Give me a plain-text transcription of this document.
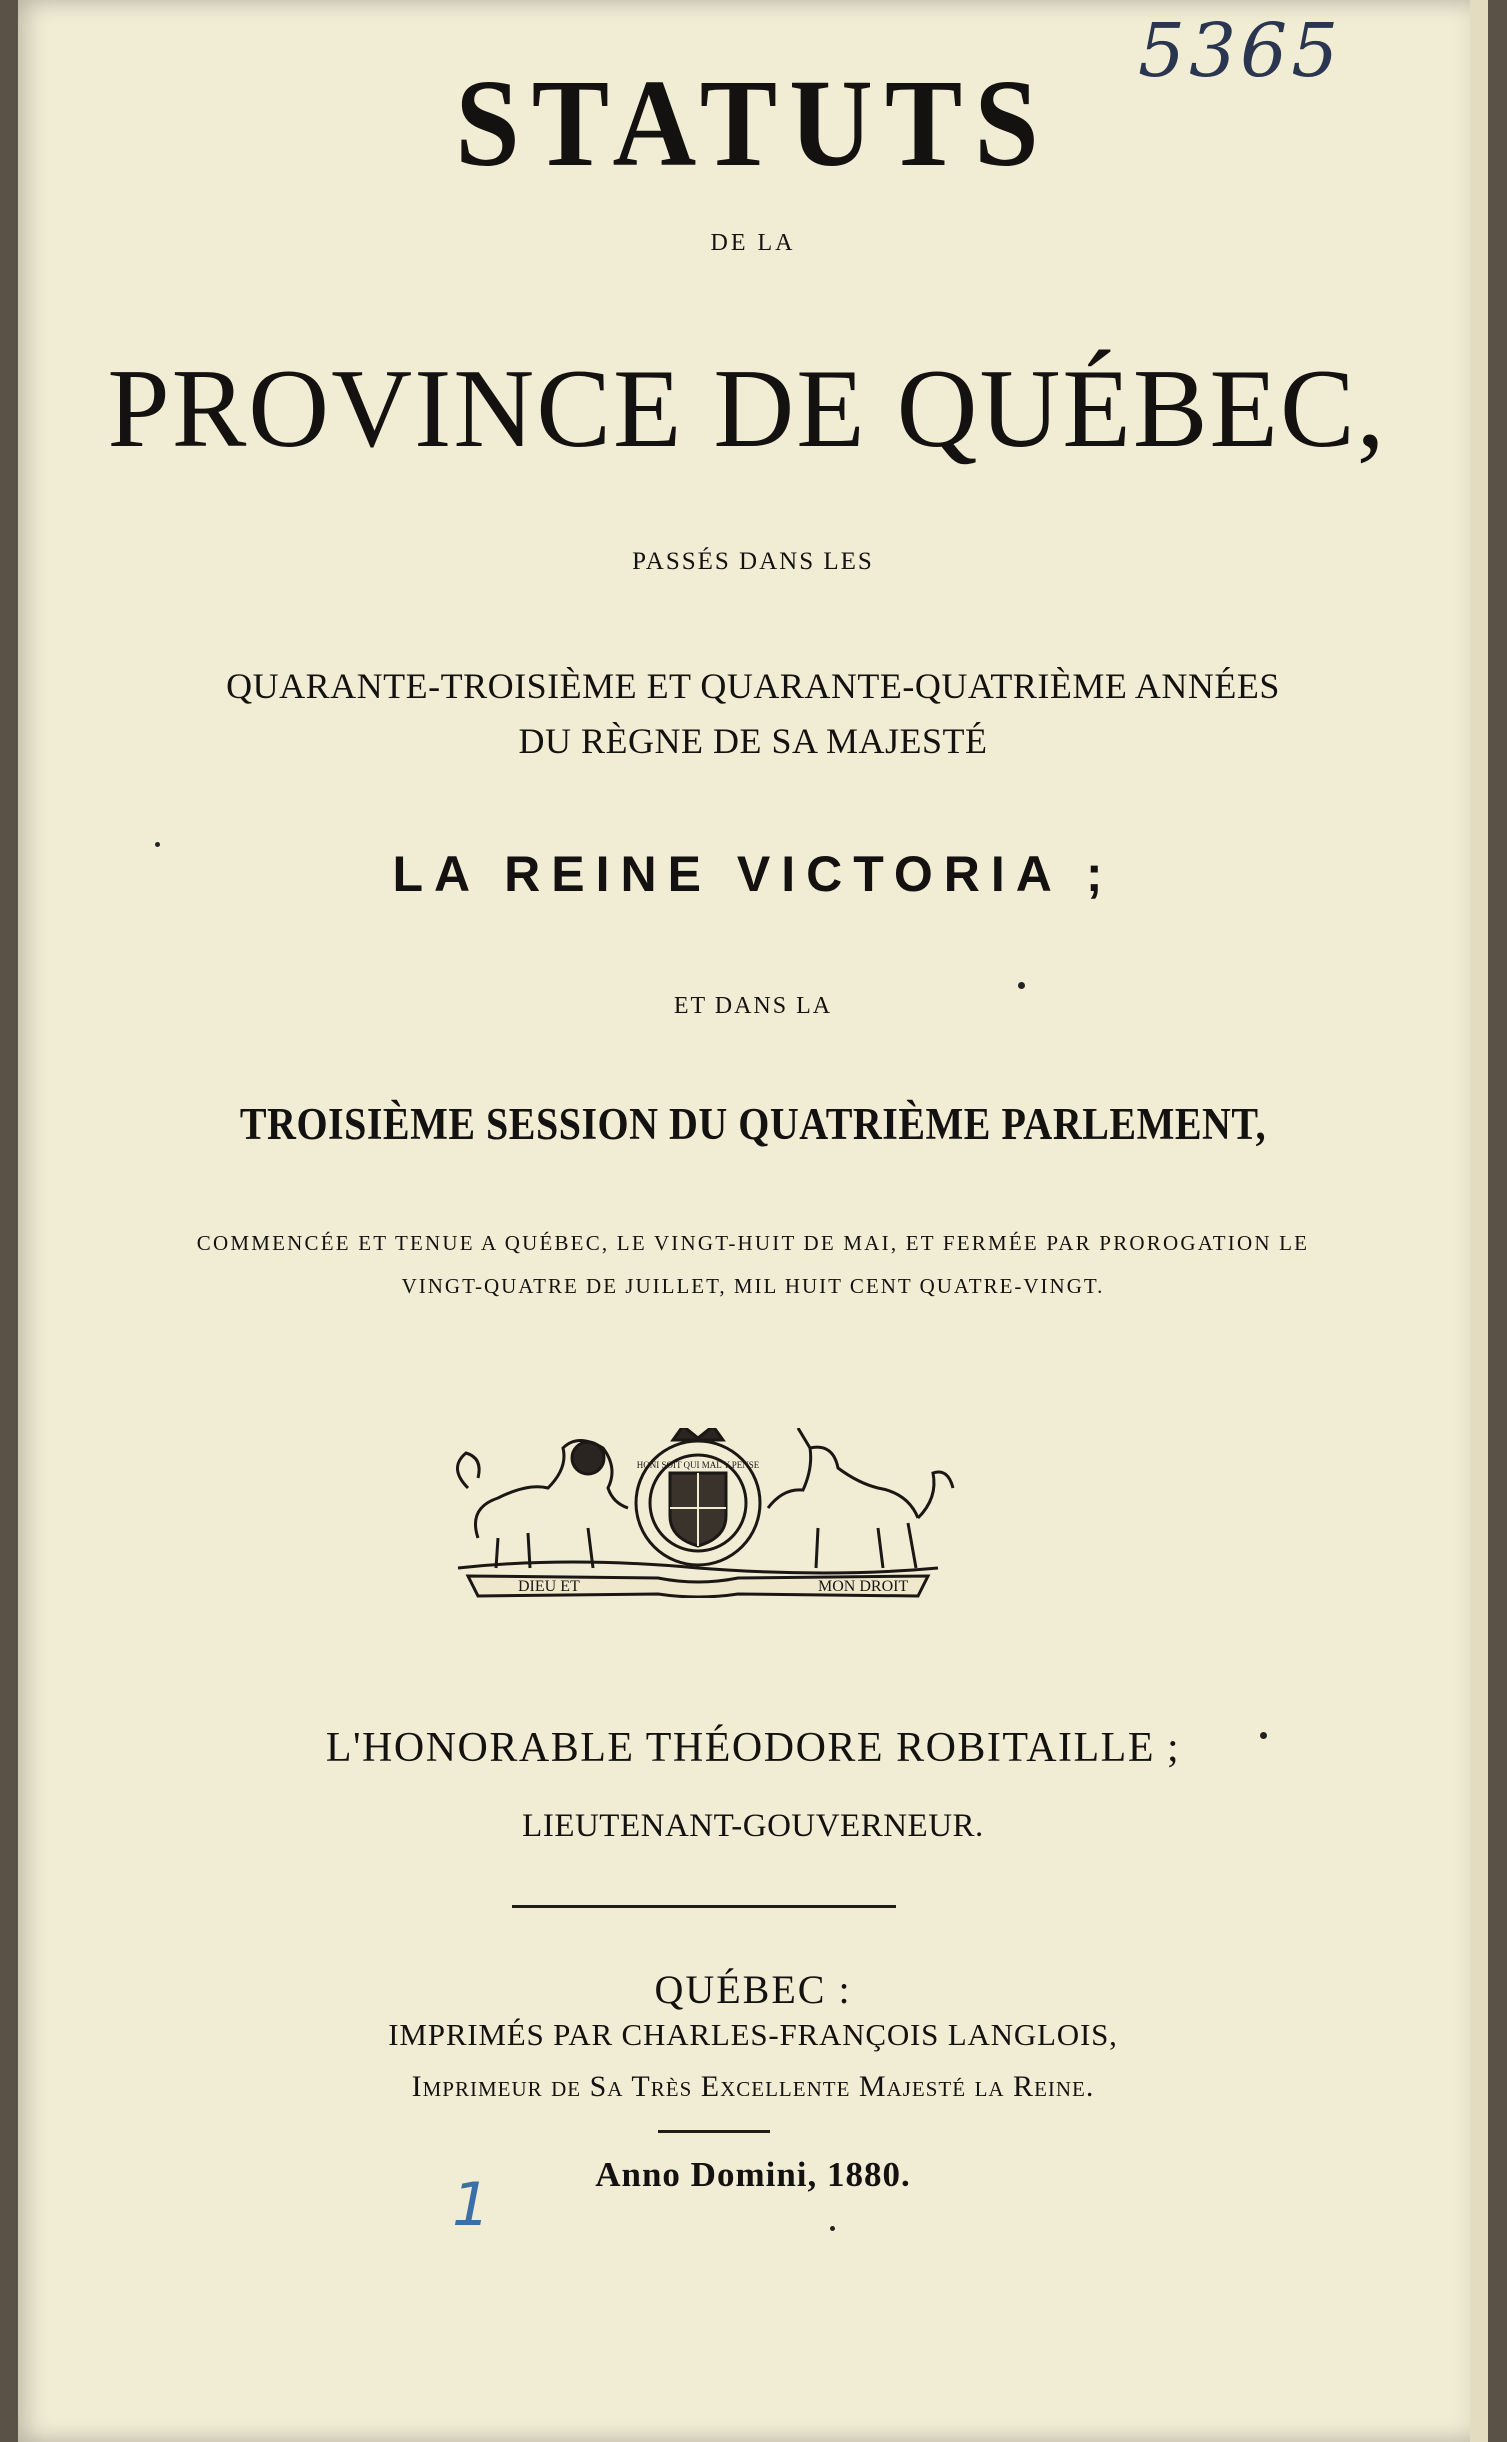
5365
STATUTS
DE LA
PROVINCE DE QUÉBEC,
PASSÉS DANS LES
QUARANTE-TROISIÈME ET QUARANTE-QUATRIÈME ANNÉES
DU RÈGNE DE SA MAJESTÉ
LA REINE VICTORIA ;
ET DANS LA
TROISIÈME SESSION DU QUATRIÈME PARLEMENT,
COMMENCÉE ET TENUE A QUÉBEC, LE VINGT-HUIT DE MAI, ET FERMÉE PAR PROROGATION LE
VINGT-QUATRE DE JUILLET, MIL HUIT CENT QUATRE-VINGT.
DIEU ET	MON DROIT
HONI SOIT QUI MAL Y PENSE
L'HONORABLE THÉODORE ROBITAILLE ;
LIEUTENANT-GOUVERNEUR.
QUÉBEC :
IMPRIMÉS PAR CHARLES-FRANÇOIS LANGLOIS,
Imprimeur de Sa Très Excellente Majesté la Reine.
Anno Domini, 1880.
1
